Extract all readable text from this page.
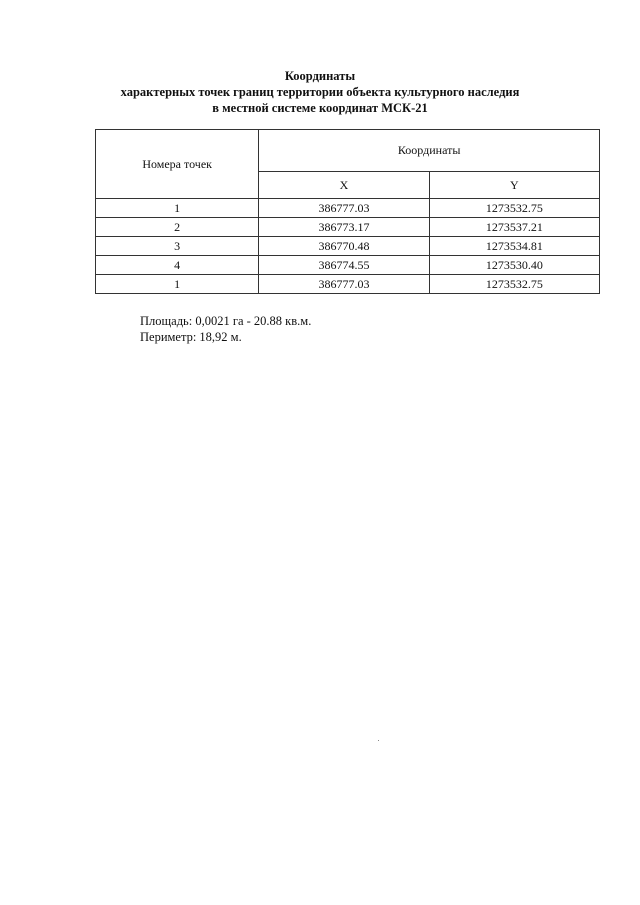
Координаты
характерных точек границ территории объекта культурного наследия
в местной системе координат МСК-21
Номера точек	Координаты	
	X	Y
1	386777.03	1273532.75
2	386773.17	1273537.21
3	386770.48	1273534.81
4	386774.55	1273530.40
1	386777.03	1273532.75
Площадь: 0,0021 га - 20.88 кв.м.
Периметр: 18,92 м.
